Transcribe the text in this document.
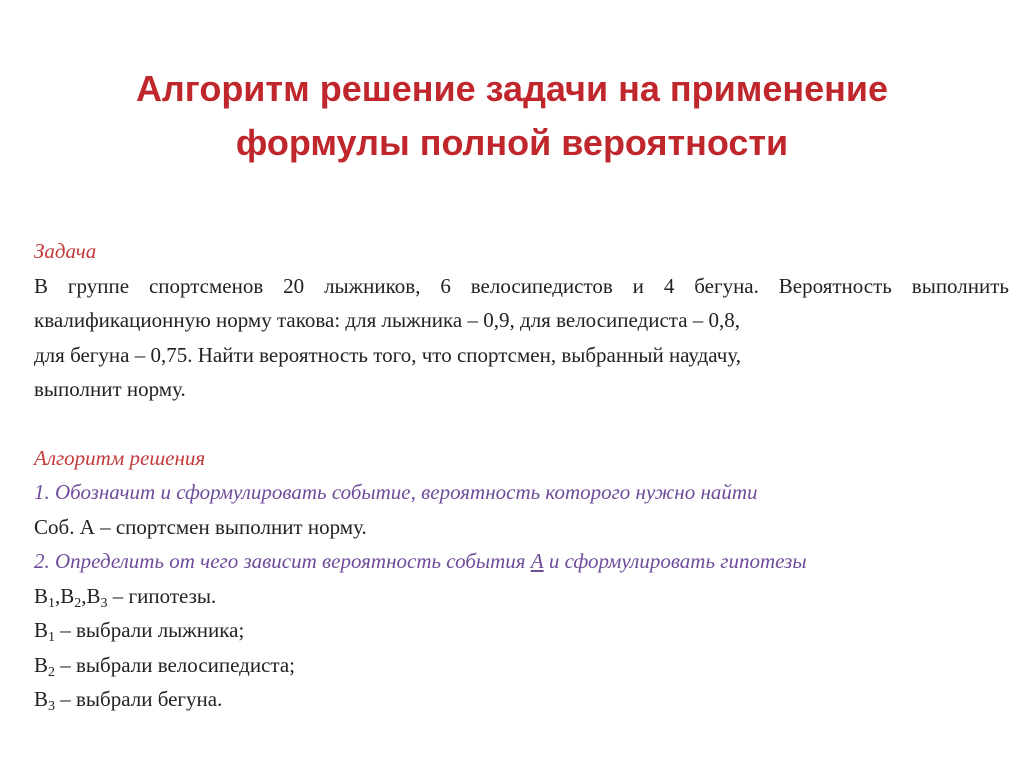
Алгоритм решение задачи на применение
формулы полной вероятности
Задача
В группе спортсменов 20 лыжников, 6 велосипедистов и 4 бегуна. Вероятность выполнить
квалификационную норму такова: для лыжника – 0,9, для велосипедиста – 0,8,
для бегуна – 0,75. Найти вероятность того, что спортсмен, выбранный наудачу,
выполнит норму.
Алгоритм решения
1. Обозначит и сформулировать событие, вероятность которого нужно найти
Соб. А – спортсмен выполнит норму.
2. Определить от чего зависит вероятность события А и сформулировать гипотезы
$B_1,B_2,B_3$ – гипотезы.
$B_1$ – выбрали лыжника;
$B_2$ – выбрали велосипедиста;
$B_3$ – выбрали бегуна.
